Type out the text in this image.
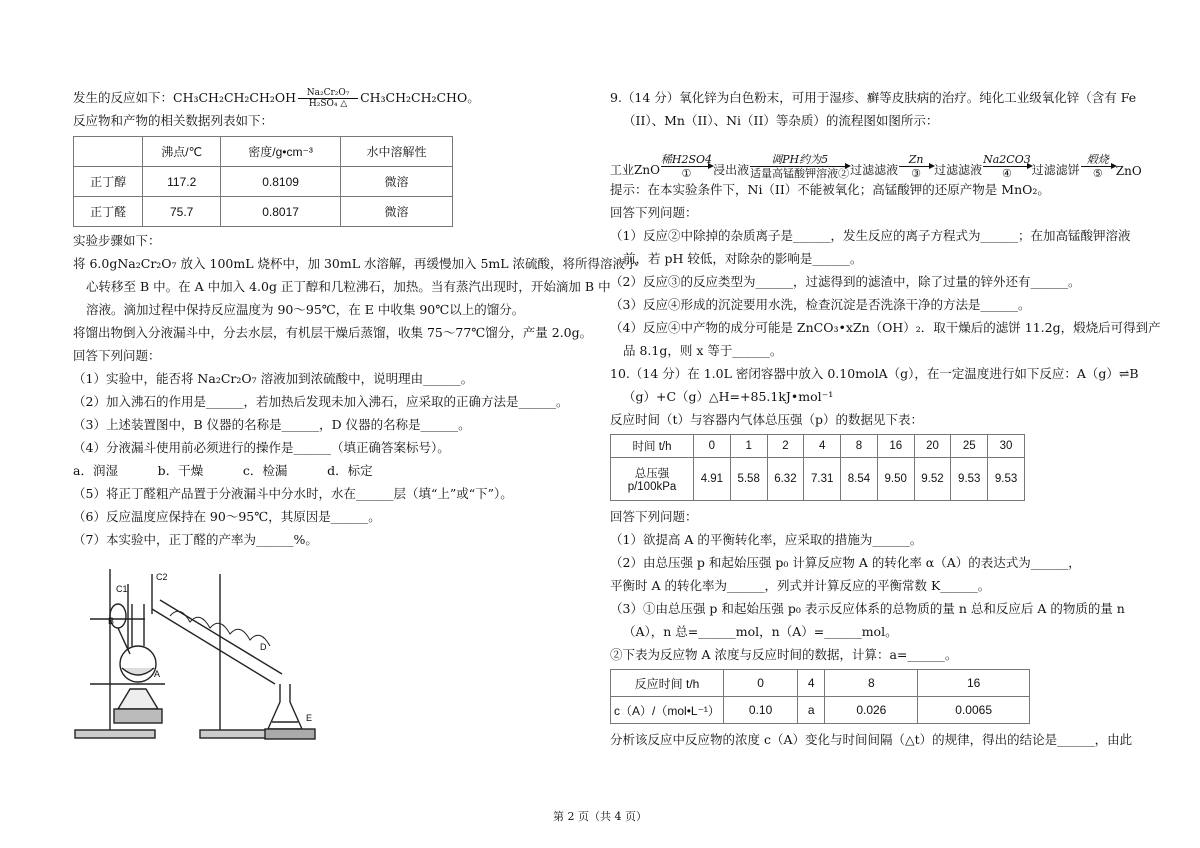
发生的反应如下：$CH_3CH_2CH_2CH_2OH \frac{\text{Na₂Cr₂O₇}}{\text{H₂SO₄ △}} CH_3CH_2CH_2CHO$。
反应物和产物的相关数据列表如下：
	沸点/℃	密度/g•cm⁻³	水中溶解性
正丁醇	117.2	0.8109	微溶
正丁醛	75.7	0.8017	微溶
实验步骤如下：
将 6.0gNa₂Cr₂O₇ 放入 100mL 烧杯中，加 30mL 水溶解，再缓慢加入 5mL 浓硫酸，将所得溶液小
心转移至 B 中。在 A 中加入 4.0g 正丁醇和几粒沸石，加热。当有蒸汽出现时，开始滴加 B 中
溶液。滴加过程中保持反应温度为 90～95℃，在 E 中收集 90℃以上的馏分。
将馏出物倒入分液漏斗中，分去水层，有机层干燥后蒸馏，收集 75～77℃馏分，产量 2.0g。
回答下列问题：
（1）实验中，能否将 Na₂Cr₂O₇ 溶液加到浓硫酸中，说明理由______。
（2）加入沸石的作用是______，若加热后发现未加入沸石，应采取的正确方法是______。
（3）上述装置图中，B 仪器的名称是______，D 仪器的名称是______。
（4）分液漏斗使用前必须进行的操作是______（填正确答案标号）。
a．润湿          b．干燥          c．检漏          d．标定
（5）将正丁醛粗产品置于分液漏斗中分水时，水在______层（填“上”或“下”）。
（6）反应温度应保持在 90～95℃，其原因是______。
（7）本实验中，正丁醛的产率为______%。
C1
C2
B
A
D
E
9.（14 分）氧化锌为白色粉末，可用于湿疹、癣等皮肤病的治疗。纯化工业级氧化锌（含有 Fe
（II）、Mn（II）、Ni（II）等杂质）的流程图如图所示：
工业ZnO
稀H2SO4
① 浸出液
调PH约为5
适量高锰酸钾溶液② 过滤滤液
Zn
③ 过滤滤液
Na2CO3
④ 过滤滤饼
煅烧
⑤ ZnO
提示：在本实验条件下，Ni（II）不能被氧化；高锰酸钾的还原产物是 MnO₂。
回答下列问题：
（1）反应②中除掉的杂质离子是______，发生反应的离子方程式为______；在加高锰酸钾溶液
前，若 pH 较低，对除杂的影响是______。
（2）反应③的反应类型为______，过滤得到的滤渣中，除了过量的锌外还有______。
（3）反应④形成的沉淀要用水洗，检查沉淀是否洗涤干净的方法是______。
（4）反应④中产物的成分可能是 ZnCO₃•xZn（OH）₂．取干燥后的滤饼 11.2g，煅烧后可得到产
品 8.1g，则 x 等于______。
10.（14 分）在 1.0L 密闭容器中放入 0.10molA（g），在一定温度进行如下反应：A（g）⇌B
（g）+C（g）△H=+85.1kJ•mol⁻¹
反应时间（t）与容器内气体总压强（p）的数据见下表：
时间 t/h	0	1	2	4	8	16	20	25	30
总压强 p/100kPa	4.91	5.58	6.32	7.31	8.54	9.50	9.52	9.53	9.53
回答下列问题：
（1）欲提高 A 的平衡转化率，应采取的措施为______。
（2）由总压强 p 和起始压强 p₀ 计算反应物 A 的转化率 α（A）的表达式为______，
平衡时 A 的转化率为______，列式并计算反应的平衡常数 K______。
（3）①由总压强 p 和起始压强 p₀ 表示反应体系的总物质的量 n 总和反应后 A 的物质的量 n
（A），n 总=______mol，n（A）=______mol。
②下表为反应物 A 浓度与反应时间的数据，计算：a=______。
反应时间 t/h	0	4	8	16
c（A）/（mol•L⁻¹）	0.10	a	0.026	0.0065
分析该反应中反应物的浓度 c（A）变化与时间间隔（△t）的规律，得出的结论是______，由此
第 2 页（共 4 页）
